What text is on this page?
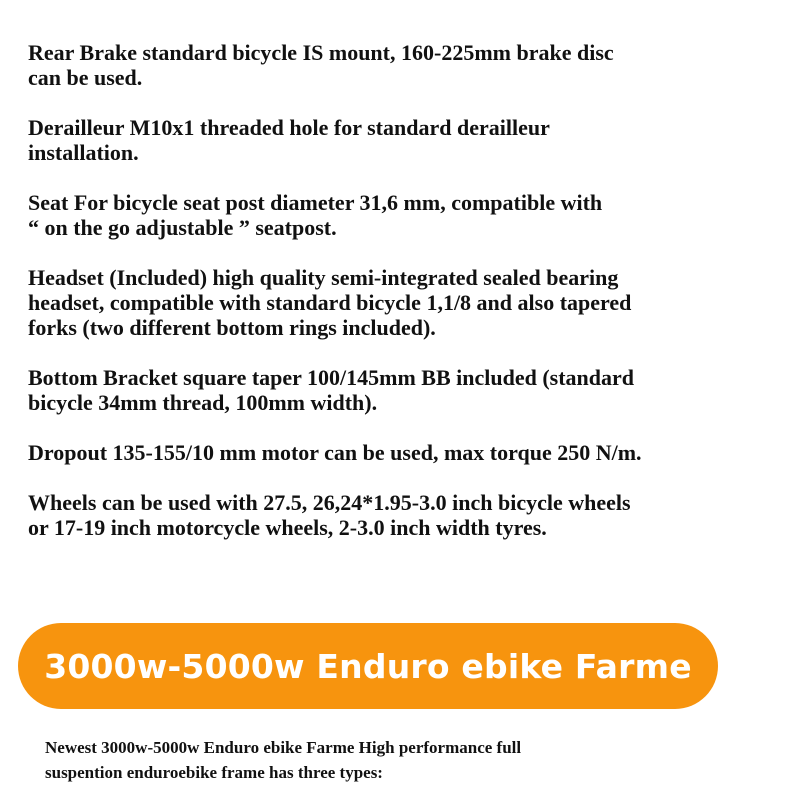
Rear Brake standard bicycle IS mount, 160-225mm brake disc
can be used.

Derailleur M10x1 threaded hole for standard derailleur
installation.

Seat For bicycle seat post diameter 31,6 mm, compatible with
“ on the go adjustable ” seatpost.

Headset (Included) high quality semi-integrated sealed bearing
headset, compatible with standard bicycle 1,1/8 and also tapered
forks (two different bottom rings included).

Bottom Bracket square taper 100/145mm BB included (standard
bicycle 34mm thread, 100mm width).

Dropout 135-155/10 mm motor can be used, max torque 250 N/m.

Wheels can be used with 27.5, 26,24*1.95-3.0 inch bicycle wheels
or 17-19 inch motorcycle wheels, 2-3.0 inch width tyres.

3000w-5000w Enduro ebike Farme
Newest 3000w-5000w Enduro ebike Farme High performance full
suspention enduroebike frame has three types:
